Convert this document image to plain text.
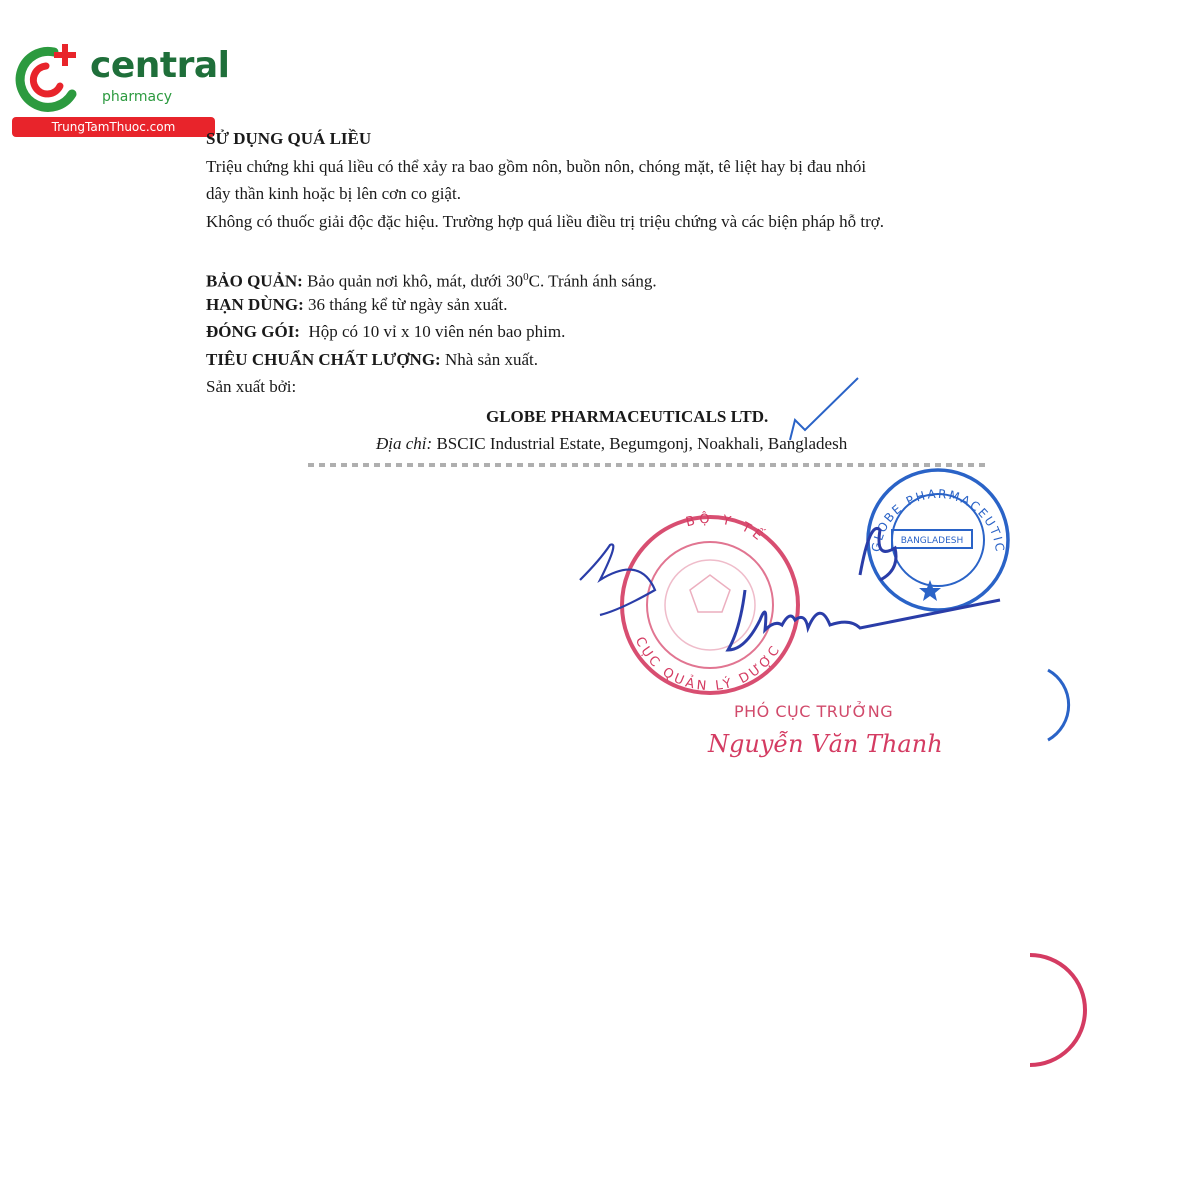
central
pharmacy
TrungTamThuoc.com
SỬ DỤNG QUÁ LIỀU
Triệu chứng khi quá liều có thể xảy ra bao gồm nôn, buồn nôn, chóng mặt, tê liệt hay bị đau nhói
dây thần kinh hoặc bị lên cơn co giật.
Không có thuốc giải độc đặc hiệu. Trường hợp quá liều điều trị triệu chứng và các biện pháp hỗ trợ.
BẢO QUẢN: Bảo quản nơi khô, mát, dưới $30^0C$. Tránh ánh sáng.
HẠN DÙNG: 36 tháng kể từ ngày sản xuất.
ĐÓNG GÓI:  Hộp có 10 vỉ x 10 viên nén bao phim.
TIÊU CHUẨN CHẤT LƯỢNG: Nhà sản xuất.
Sản xuất bởi:
GLOBE PHARMACEUTICALS LTD.
Địa chỉ: BSCIC Industrial Estate, Begumgonj, Noakhali, Bangladesh
BỘ Y TẾ
CỤC QUẢN LÝ DƯỢC
BANGLADESH
GLOBE PHARMACEUTIC
PHÓ CỤC TRƯỞNG
Nguyễn Văn Thanh
